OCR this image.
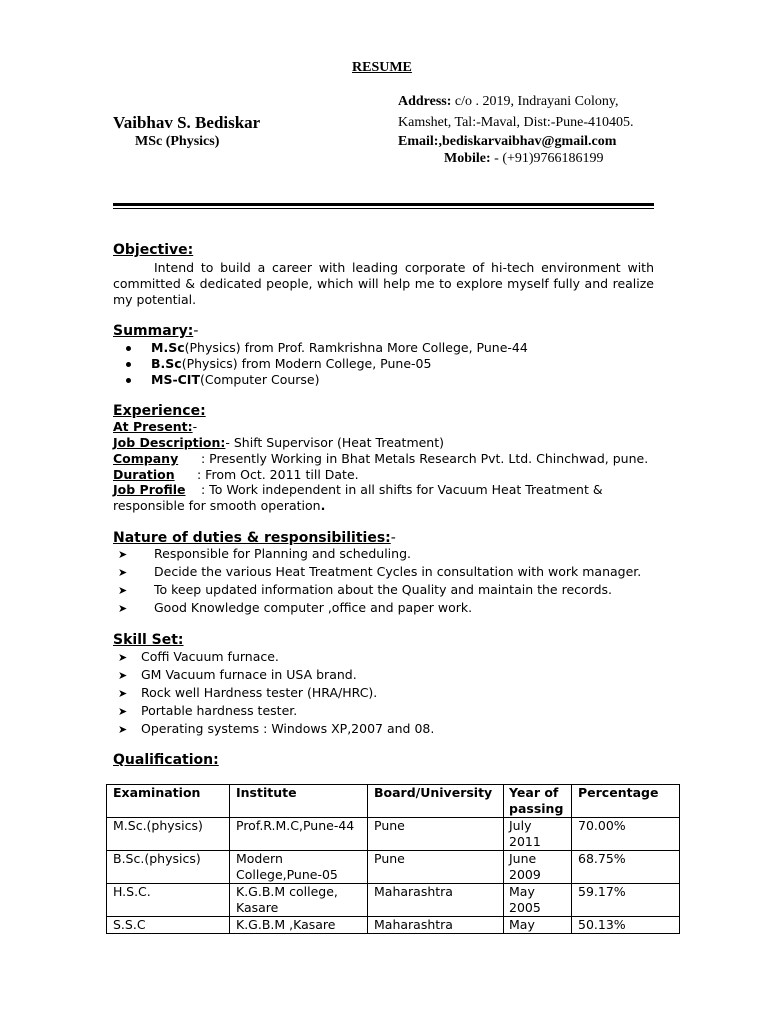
RESUME
Vaibhav S. Bediskar
MSc (Physics)
Address: c/o . 2019, Indrayani Colony,
Kamshet, Tal:-Maval, Dist:-Pune-410405.
Email:,bediskarvaibhav@gmail.com
Mobile: - (+91)9766186199
Objective:
Intend to build a career with leading corporate of hi-tech environment with committed & dedicated people, which will help me to explore myself fully and realize my potential.
Summary:-
M.Sc(Physics) from Prof. Ramkrishna More College, Pune-44
B.Sc(Physics) from Modern College, Pune-05
MS-CIT(Computer Course)
Experience:
At Present:-
Job Description:- Shift Supervisor (Heat Treatment)
Company : Presently Working in Bhat Metals Research Pvt. Ltd. Chinchwad, pune.
Duration : From Oct. 2011 till Date.
Job Profile : To Work independent in all shifts for Vacuum Heat Treatment &
responsible for smooth operation.
Nature of duties & responsibilities:-
➤ Responsible for Planning and scheduling.
➤ Decide the various Heat Treatment Cycles in consultation with work manager.
➤ To keep updated information about the Quality and maintain the records.
➤ Good Knowledge computer ,office and paper work.
Skill Set:
➤ Coffi Vacuum furnace.
➤ GM Vacuum furnace in USA brand.
➤ Rock well Hardness tester (HRA/HRC).
➤ Portable hardness tester.
➤ Operating systems : Windows XP,2007 and 08.
Qualification:
Examination	Institute	Board/University	Year of passing	Percentage
M.Sc.(physics)	Prof.R.M.C,Pune-44	Pune	July 2011	70.00%
B.Sc.(physics)	Modern College,Pune-05	Pune	June 2009	68.75%
H.S.C.	K.G.B.M college, Kasare	Maharashtra	May 2005	59.17%
S.S.C	K.G.B.M ,Kasare	Maharashtra	May	50.13%
